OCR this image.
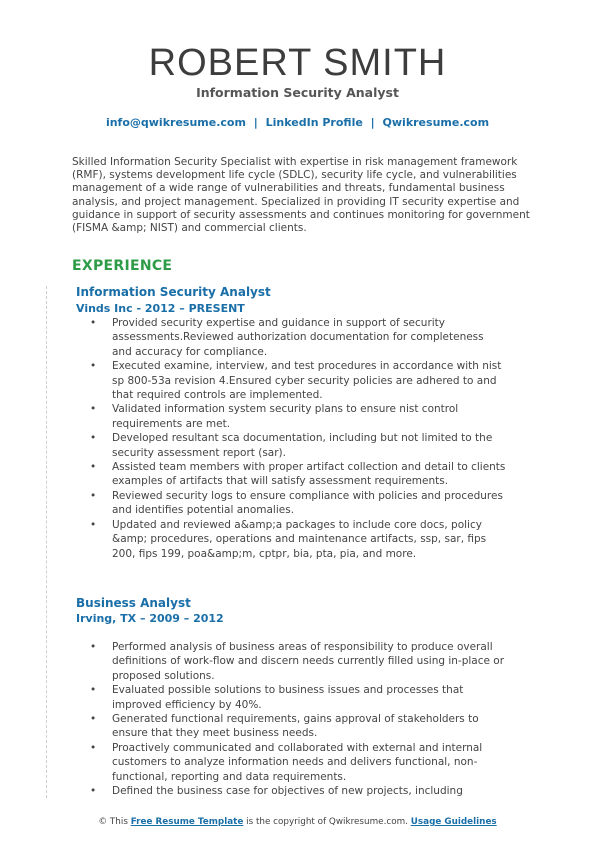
ROBERT SMITH
Information Security Analyst
info@qwikresume.com | LinkedIn Profile | Qwikresume.com
Skilled Information Security Specialist with expertise in risk management framework (RMF), systems development life cycle (SDLC), security life cycle, and vulnerabilities management of a wide range of vulnerabilities and threats, fundamental business analysis, and project management. Specialized in providing IT security expertise and guidance in support of security assessments and continues monitoring for government (FISMA &amp; NIST) and commercial clients.
EXPERIENCE
Information Security Analyst
Vinds Inc - 2012 – PRESENT
• Provided security expertise and guidance in support of security assessments.Reviewed authorization documentation for completeness and accuracy for compliance.
• Executed examine, interview, and test procedures in accordance with nist sp 800-53a revision 4.Ensured cyber security policies are adhered to and that required controls are implemented.
• Validated information system security plans to ensure nist control requirements are met.
• Developed resultant sca documentation, including but not limited to the security assessment report (sar).
• Assisted team members with proper artifact collection and detail to clients examples of artifacts that will satisfy assessment requirements.
• Reviewed security logs to ensure compliance with policies and procedures and identifies potential anomalies.
• Updated and reviewed a&amp;a packages to include core docs, policy &amp; procedures, operations and maintenance artifacts, ssp, sar, fips 200, fips 199, poa&amp;m, cptpr, bia, pta, pia, and more.
Business Analyst
Irving, TX – 2009 – 2012
• Performed analysis of business areas of responsibility to produce overall definitions of work-flow and discern needs currently filled using in-place or proposed solutions.
• Evaluated possible solutions to business issues and processes that improved efficiency by 40%.
• Generated functional requirements, gains approval of stakeholders to ensure that they meet business needs.
• Proactively communicated and collaborated with external and internal customers to analyze information needs and delivers functional, non-functional, reporting and data requirements.
• Defined the business case for objectives of new projects, including
© This Free Resume Template is the copyright of Qwikresume.com. Usage Guidelines
